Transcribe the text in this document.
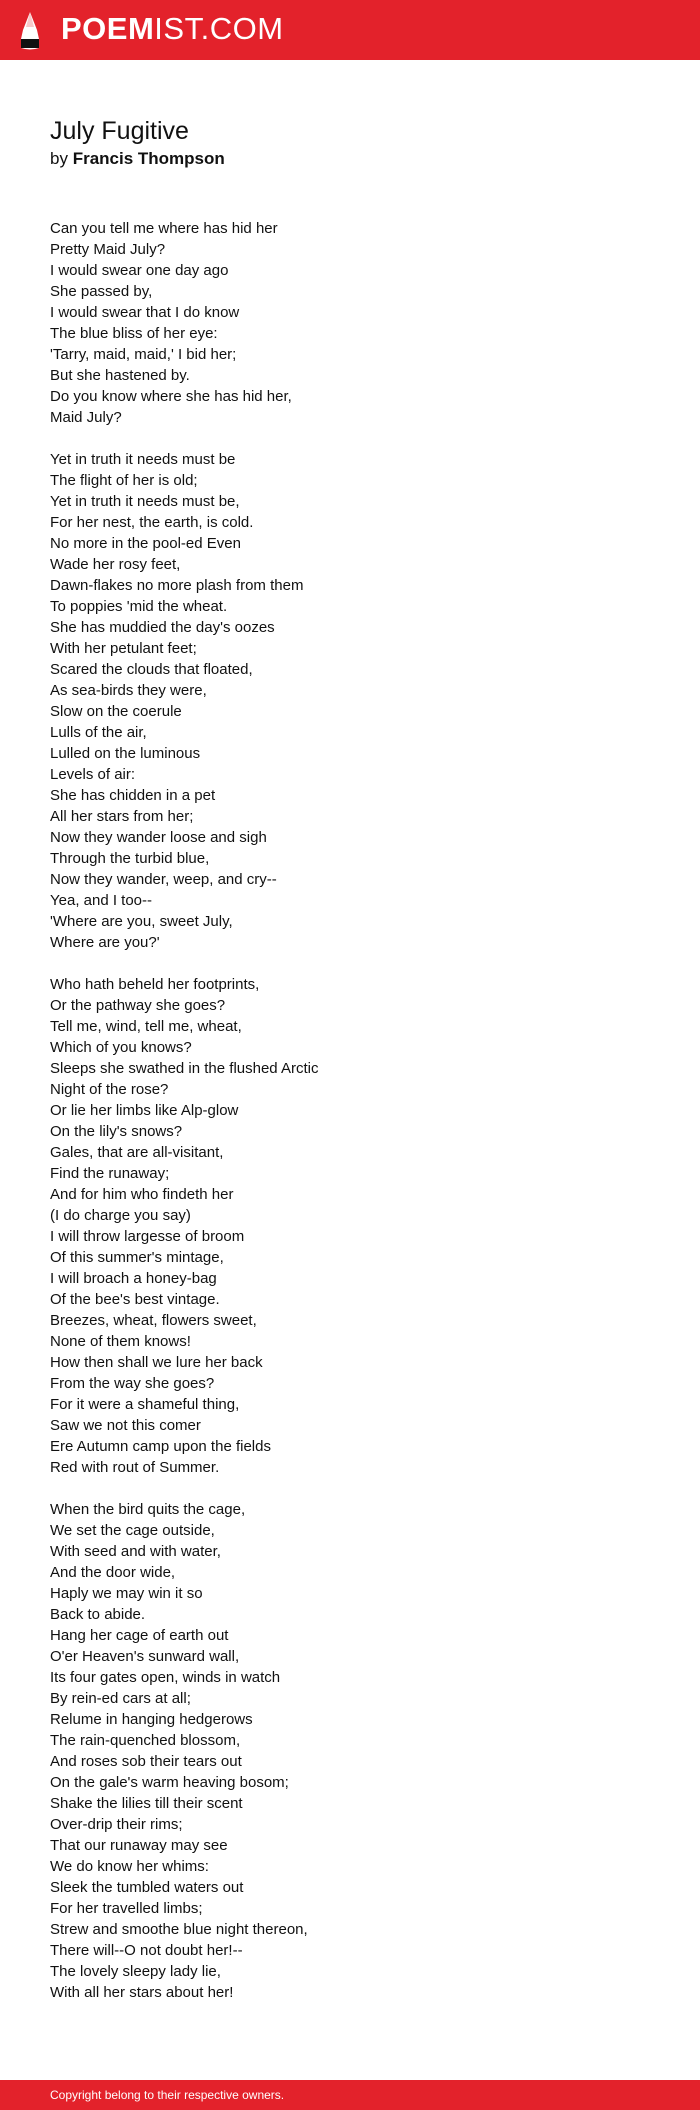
POEMIST.COM
July Fugitive
by Francis Thompson
Can you tell me where has hid her
Pretty Maid July?
I would swear one day ago
She passed by,
I would swear that I do know
The blue bliss of her eye:
'Tarry, maid, maid,' I bid her;
But she hastened by.
Do you know where she has hid her,
Maid July?
Yet in truth it needs must be
The flight of her is old;
Yet in truth it needs must be,
For her nest, the earth, is cold.
No more in the pool-ed Even
Wade her rosy feet,
Dawn-flakes no more plash from them
To poppies 'mid the wheat.
She has muddied the day's oozes
With her petulant feet;
Scared the clouds that floated,
As sea-birds they were,
Slow on the coerule
Lulls of the air,
Lulled on the luminous
Levels of air:
She has chidden in a pet
All her stars from her;
Now they wander loose and sigh
Through the turbid blue,
Now they wander, weep, and cry--
Yea, and I too--
'Where are you, sweet July,
Where are you?'
Who hath beheld her footprints,
Or the pathway she goes?
Tell me, wind, tell me, wheat,
Which of you knows?
Sleeps she swathed in the flushed Arctic
Night of the rose?
Or lie her limbs like Alp-glow
On the lily's snows?
Gales, that are all-visitant,
Find the runaway;
And for him who findeth her
(I do charge you say)
I will throw largesse of broom
Of this summer's mintage,
I will broach a honey-bag
Of the bee's best vintage.
Breezes, wheat, flowers sweet,
None of them knows!
How then shall we lure her back
From the way she goes?
For it were a shameful thing,
Saw we not this comer
Ere Autumn camp upon the fields
Red with rout of Summer.
When the bird quits the cage,
We set the cage outside,
With seed and with water,
And the door wide,
Haply we may win it so
Back to abide.
Hang her cage of earth out
O'er Heaven's sunward wall,
Its four gates open, winds in watch
By rein-ed cars at all;
Relume in hanging hedgerows
The rain-quenched blossom,
And roses sob their tears out
On the gale's warm heaving bosom;
Shake the lilies till their scent
Over-drip their rims;
That our runaway may see
We do know her whims:
Sleek the tumbled waters out
For her travelled limbs;
Strew and smoothe blue night thereon,
There will--O not doubt her!--
The lovely sleepy lady lie,
With all her stars about her!
Copyright belong to their respective owners.
